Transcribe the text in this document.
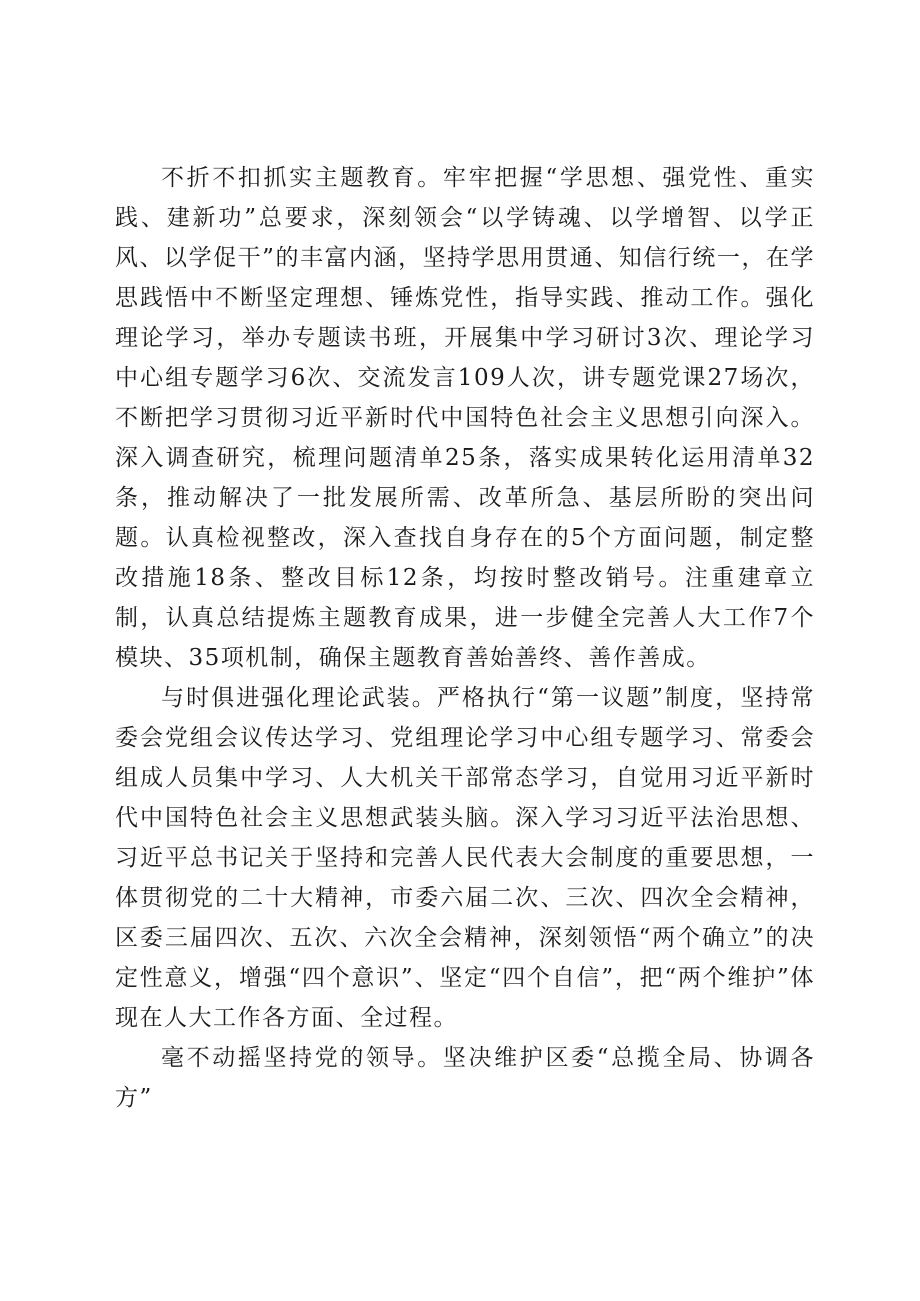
不折不扣抓实主题教育。牢牢把握“学思想、强党性、重实践、建新功”总要求，深刻领会“以学铸魂、以学增智、以学正风、以学促干”的丰富内涵，坚持学思用贯通、知信行统一，在学思践悟中不断坚定理想、锤炼党性，指导实践、推动工作。强化理论学习，举办专题读书班，开展集中学习研讨3次、理论学习中心组专题学习6次、交流发言109人次，讲专题党课27场次，不断把学习贯彻习近平新时代中国特色社会主义思想引向深入。深入调查研究，梳理问题清单25条，落实成果转化运用清单32条，推动解决了一批发展所需、改革所急、基层所盼的突出问题。认真检视整改，深入查找自身存在的5个方面问题，制定整改措施18条、整改目标12条，均按时整改销号。注重建章立制，认真总结提炼主题教育成果，进一步健全完善人大工作7个模块、35项机制，确保主题教育善始善终、善作善成。

与时俱进强化理论武装。严格执行“第一议题”制度，坚持常委会党组会议传达学习、党组理论学习中心组专题学习、常委会组成人员集中学习、人大机关干部常态学习，自觉用习近平新时代中国特色社会主义思想武装头脑。深入学习习近平法治思想、习近平总书记关于坚持和完善人民代表大会制度的重要思想，一体贯彻党的二十大精神，市委六届二次、三次、四次全会精神，区委三届四次、五次、六次全会精神，深刻领悟“两个确立”的决定性意义，增强“四个意识”、坚定“四个自信”，把“两个维护”体现在人大工作各方面、全过程。

毫不动摇坚持党的领导。坚决维护区委“总揽全局、协调各方”
